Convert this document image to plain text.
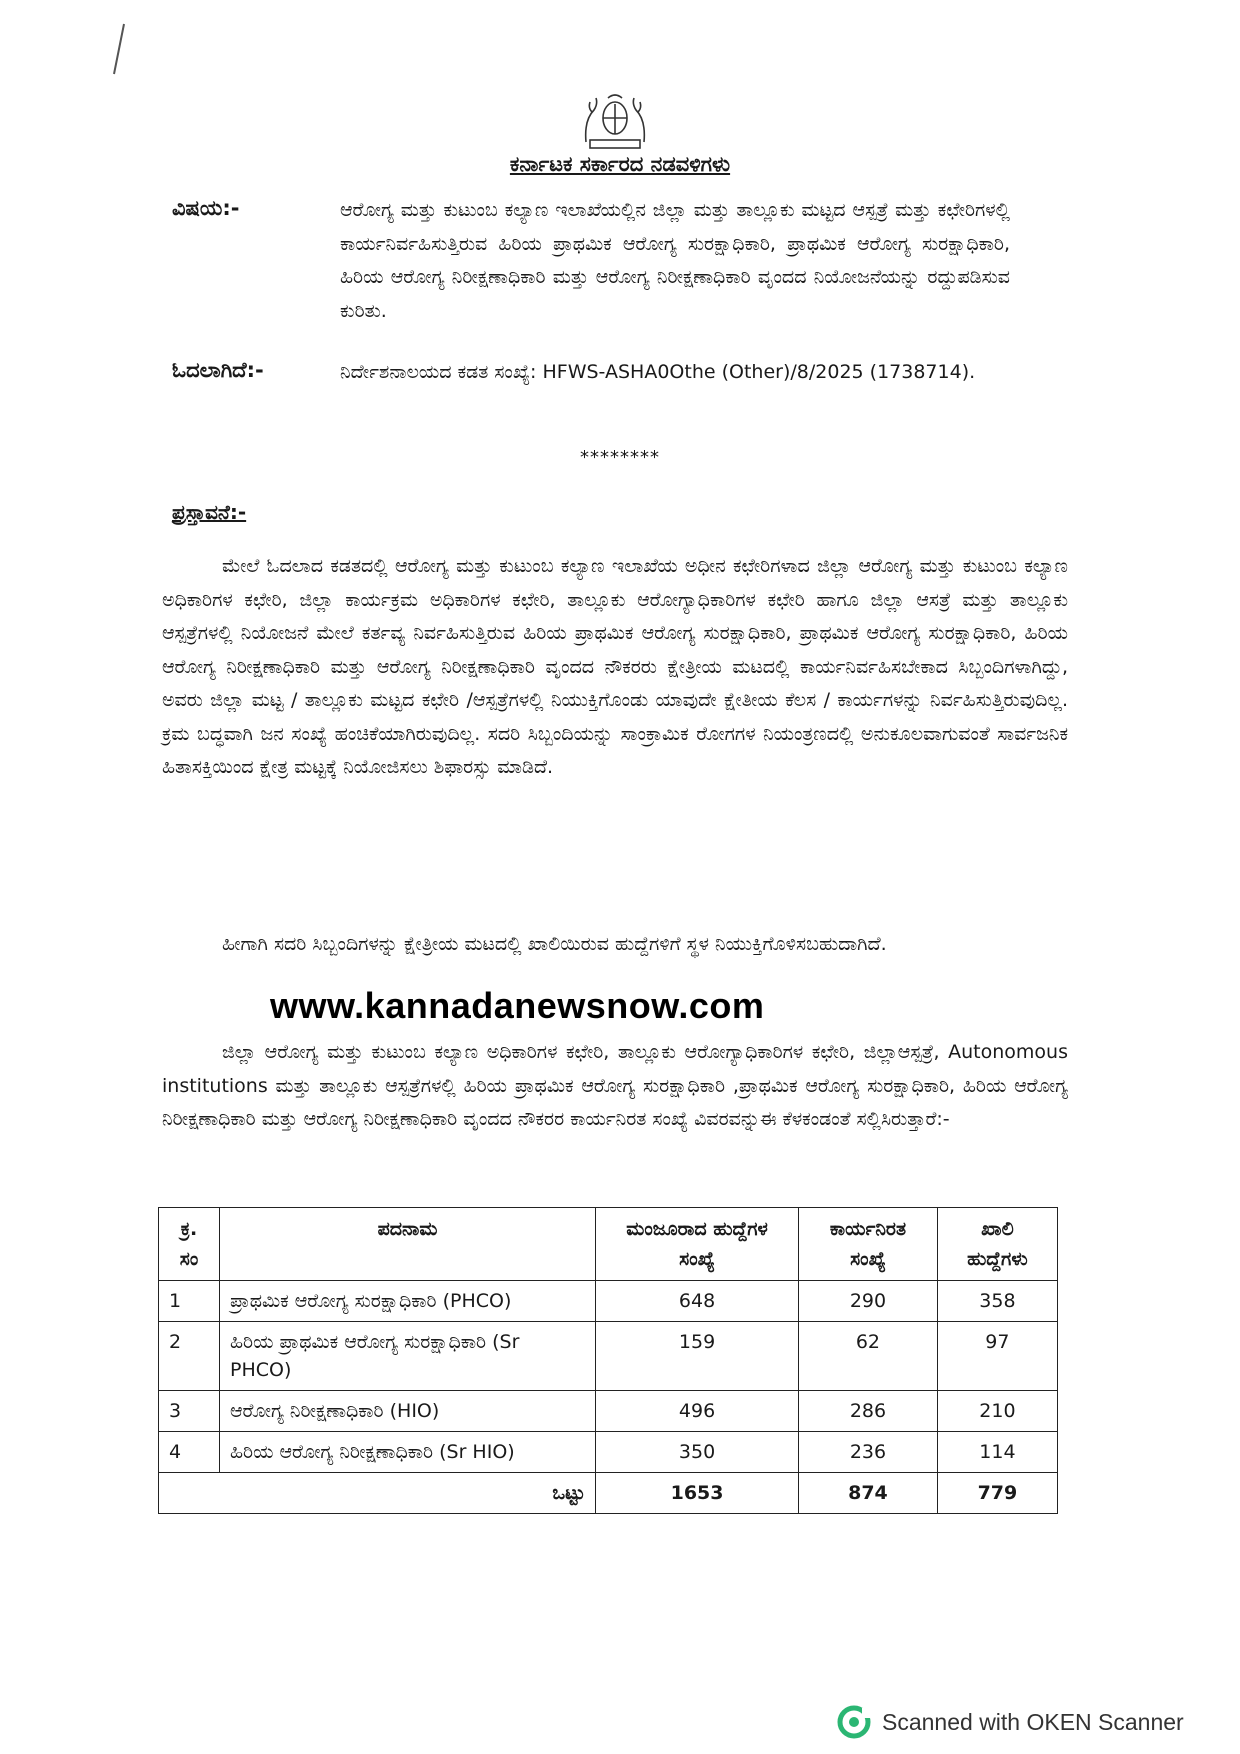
ಕರ್ನಾಟಕ ಸರ್ಕಾರದ ನಡವಳಿಗಳು
ವಿಷಯ:-	ಆರೋಗ್ಯ ಮತ್ತು ಕುಟುಂಬ ಕಲ್ಯಾಣ ಇಲಾಖೆಯಲ್ಲಿನ ಜಿಲ್ಲಾ ಮತ್ತು ತಾಲ್ಲೂಕು ಮಟ್ಟದ ಆಸ್ಪತ್ರೆ ಮತ್ತು ಕಛೇರಿಗಳಲ್ಲಿ ಕಾರ್ಯನಿರ್ವಹಿಸುತ್ತಿರುವ ಹಿರಿಯ ಪ್ರಾಥಮಿಕ ಆರೋಗ್ಯ ಸುರಕ್ಷಾಧಿಕಾರಿ, ಪ್ರಾಥಮಿಕ ಆರೋಗ್ಯ ಸುರಕ್ಷಾಧಿಕಾರಿ, ಹಿರಿಯ ಆರೋಗ್ಯ ನಿರೀಕ್ಷಣಾಧಿಕಾರಿ ಮತ್ತು ಆರೋಗ್ಯ ನಿರೀಕ್ಷಣಾಧಿಕಾರಿ ವೃಂದದ ನಿಯೋಜನೆಯನ್ನು ರದ್ದುಪಡಿಸುವ ಕುರಿತು.
ಓದಲಾಗಿದೆ:-	ನಿರ್ದೇಶನಾಲಯದ ಕಡತ ಸಂಖ್ಯೆ: HFWS-ASHA0Othe (Other)/8/2025 (1738714).
********
ಪ್ರಸ್ತಾವನೆ:-
ಮೇಲೆ ಓದಲಾದ ಕಡತದಲ್ಲಿ ಆರೋಗ್ಯ ಮತ್ತು ಕುಟುಂಬ ಕಲ್ಯಾಣ ಇಲಾಖೆಯ ಅಧೀನ ಕಛೇರಿಗಳಾದ ಜಿಲ್ಲಾ ಆರೋಗ್ಯ ಮತ್ತು ಕುಟುಂಬ ಕಲ್ಯಾಣ ಅಧಿಕಾರಿಗಳ ಕಛೇರಿ, ಜಿಲ್ಲಾ ಕಾರ್ಯಕ್ರಮ ಅಧಿಕಾರಿಗಳ ಕಛೇರಿ, ತಾಲ್ಲೂಕು ಆರೋಗ್ಯಾಧಿಕಾರಿಗಳ ಕಛೇರಿ ಹಾಗೂ ಜಿಲ್ಲಾ ಆಸತ್ರೆ ಮತ್ತು ತಾಲ್ಲೂಕು ಆಸ್ಪತ್ರೆಗಳಲ್ಲಿ ನಿಯೋಜನೆ ಮೇಲೆ ಕರ್ತವ್ಯ ನಿರ್ವಹಿಸುತ್ತಿರುವ ಹಿರಿಯ ಪ್ರಾಥಮಿಕ ಆರೋಗ್ಯ ಸುರಕ್ಷಾಧಿಕಾರಿ, ಪ್ರಾಥಮಿಕ ಆರೋಗ್ಯ ಸುರಕ್ಷಾಧಿಕಾರಿ, ಹಿರಿಯ ಆರೋಗ್ಯ ನಿರೀಕ್ಷಣಾಧಿಕಾರಿ ಮತ್ತು ಆರೋಗ್ಯ ನಿರೀಕ್ಷಣಾಧಿಕಾರಿ ವೃಂದದ ನೌಕರರು ಕ್ಷೇತ್ರೀಯ ಮಟದಲ್ಲಿ ಕಾರ್ಯನಿರ್ವಹಿಸಬೇಕಾದ ಸಿಬ್ಬಂದಿಗಳಾಗಿದ್ದು, ಅವರು ಜಿಲ್ಲಾ ಮಟ್ಟ / ತಾಲ್ಲೂಕು ಮಟ್ಟದ ಕಛೇರಿ /ಆಸ್ಪತ್ರೆಗಳಲ್ಲಿ ನಿಯುಕ್ತಿಗೊಂಡು ಯಾವುದೇ ಕ್ಷೇತೀಯ ಕೆಲಸ / ಕಾರ್ಯಗಳನ್ನು ನಿರ್ವಹಿಸುತ್ತಿರುವುದಿಲ್ಲ. ಕ್ರಮ ಬದ್ಧವಾಗಿ ಜನ ಸಂಖ್ಯೆ ಹಂಚಿಕೆಯಾಗಿರುವುದಿಲ್ಲ. ಸದರಿ ಸಿಬ್ಬಂದಿಯನ್ನು ಸಾಂಕ್ರಾಮಿಕ ರೋಗಗಳ ನಿಯಂತ್ರಣದಲ್ಲಿ ಅನುಕೂಲವಾಗುವಂತೆ ಸಾರ್ವಜನಿಕ ಹಿತಾಸಕ್ತಿಯಿಂದ ಕ್ಷೇತ್ರ ಮಟ್ಟಕ್ಕೆ ನಿಯೋಜಿಸಲು ಶಿಫಾರಸ್ಸು ಮಾಡಿದೆ.
ಹೀಗಾಗಿ ಸದರಿ ಸಿಬ್ಬಂದಿಗಳನ್ನು ಕ್ಷೇತ್ರೀಯ ಮಟದಲ್ಲಿ ಖಾಲಿಯಿರುವ ಹುದ್ದೆಗಳಿಗೆ ಸ್ಥಳ ನಿಯುಕ್ತಿಗೊಳಿಸಬಹುದಾಗಿದೆ.
www.kannadanewsnow.com
ಜಿಲ್ಲಾ ಆರೋಗ್ಯ ಮತ್ತು ಕುಟುಂಬ ಕಲ್ಯಾಣ ಅಧಿಕಾರಿಗಳ ಕಛೇರಿ, ತಾಲ್ಲೂಕು ಆರೋಗ್ಯಾಧಿಕಾರಿಗಳ ಕಛೇರಿ, ಜಿಲ್ಲಾಆಸ್ಪತ್ರೆ, Autonomous institutions ಮತ್ತು ತಾಲ್ಲೂಕು ಆಸ್ಪತ್ರೆಗಳಲ್ಲಿ ಹಿರಿಯ ಪ್ರಾಥಮಿಕ ಆರೋಗ್ಯ ಸುರಕ್ಷಾಧಿಕಾರಿ ,ಪ್ರಾಥಮಿಕ ಆರೋಗ್ಯ ಸುರಕ್ಷಾಧಿಕಾರಿ, ಹಿರಿಯ ಆರೋಗ್ಯ ನಿರೀಕ್ಷಣಾಧಿಕಾರಿ ಮತ್ತು ಆರೋಗ್ಯ ನಿರೀಕ್ಷಣಾಧಿಕಾರಿ ವೃಂದದ ನೌಕರರ ಕಾರ್ಯನಿರತ ಸಂಖ್ಯೆ ವಿವರವನ್ನುಈ ಕೆಳಕಂಡಂತೆ ಸಲ್ಲಿಸಿರುತ್ತಾರೆ:-
ಕ್ರ. ಸಂ	ಪದನಾಮ	ಮಂಜೂರಾದ ಹುದ್ದೆಗಳ ಸಂಖ್ಯೆ	ಕಾರ್ಯನಿರತ ಸಂಖ್ಯೆ	ಖಾಲಿ ಹುದ್ದೆಗಳು
1	ಪ್ರಾಥಮಿಕ ಆರೋಗ್ಯ ಸುರಕ್ಷಾಧಿಕಾರಿ (PHCO)	648	290	358
2	ಹಿರಿಯ ಪ್ರಾಥಮಿಕ ಆರೋಗ್ಯ ಸುರಕ್ಷಾಧಿಕಾರಿ (Sr PHCO)	159	62	97
3	ಆರೋಗ್ಯ ನಿರೀಕ್ಷಣಾಧಿಕಾರಿ (HIO)	496	286	210
4	ಹಿರಿಯ ಆರೋಗ್ಯ ನಿರೀಕ್ಷಣಾಧಿಕಾರಿ (Sr HIO)	350	236	114
ಒಟ್ಟು		1653	874	779
Scanned with OKEN Scanner
